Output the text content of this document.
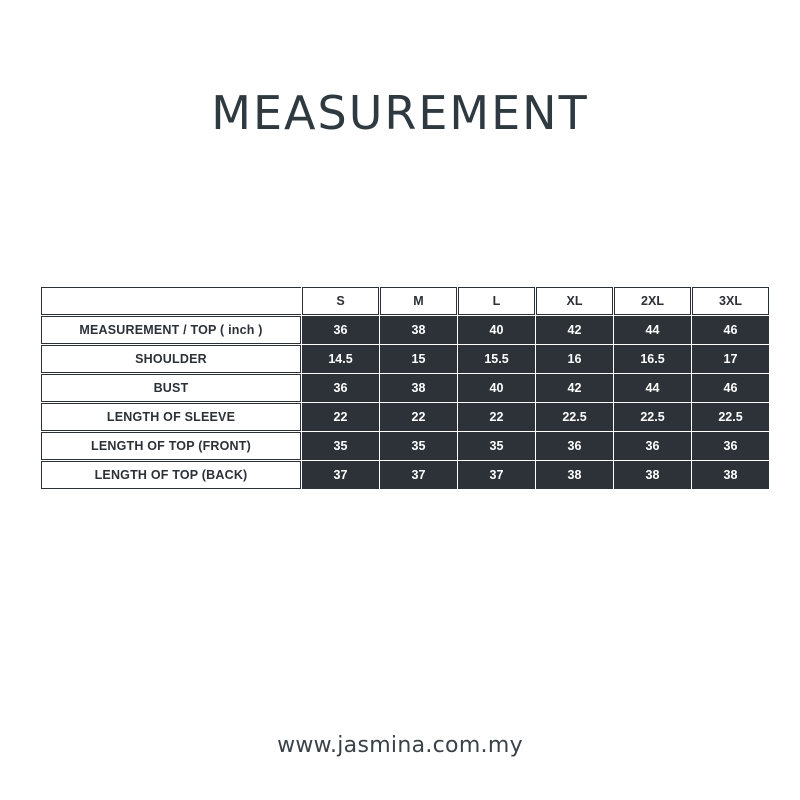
MEASUREMENT
	S	M	L	XL	2XL	3XL
MEASUREMENT / TOP ( inch )	36	38	40	42	44	46
SHOULDER	14.5	15	15.5	16	16.5	17
BUST	36	38	40	42	44	46
LENGTH OF SLEEVE	22	22	22	22.5	22.5	22.5
LENGTH OF TOP (FRONT)	35	35	35	36	36	36
LENGTH OF TOP (BACK)	37	37	37	38	38	38
www.jasmina.com.my
